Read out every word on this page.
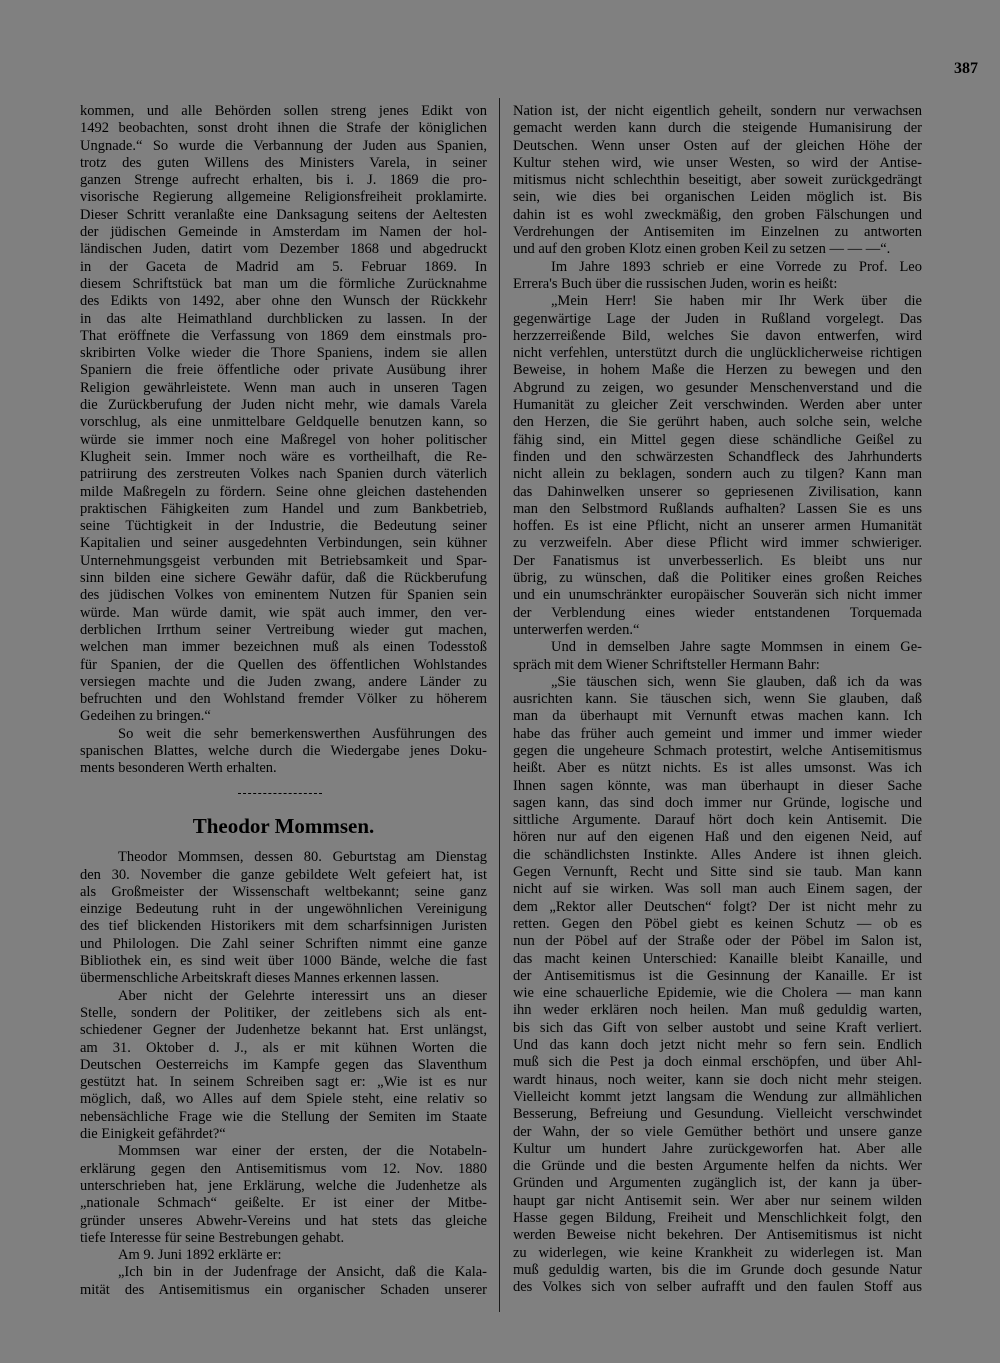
387
kommen, und alle Behörden sollen streng jenes Edikt von
1492 beobachten, sonst droht ihnen die Strafe der königlichen
Ungnade.“ So wurde die Verbannung der Juden aus Spanien,
trotz des guten Willens des Ministers Varela, in seiner
ganzen Strenge aufrecht erhalten, bis i. J. 1869 die pro-
visorische Regierung allgemeine Religionsfreiheit proklamirte.
Dieser Schritt veranlaßte eine Danksagung seitens der Aeltesten
der jüdischen Gemeinde in Amsterdam im Namen der hol-
ländischen Juden, datirt vom Dezember 1868 und abgedruckt
in der Gaceta de Madrid am 5. Februar 1869. In
diesem Schriftstück bat man um die förmliche Zurücknahme
des Edikts von 1492, aber ohne den Wunsch der Rückkehr
in das alte Heimathland durchblicken zu lassen. In der
That eröffnete die Verfassung von 1869 dem einstmals pro-
skribirten Volke wieder die Thore Spaniens, indem sie allen
Spaniern die freie öffentliche oder private Ausübung ihrer
Religion gewährleistete. Wenn man auch in unseren Tagen
die Zurückberufung der Juden nicht mehr, wie damals Varela
vorschlug, als eine unmittelbare Geldquelle benutzen kann, so
würde sie immer noch eine Maßregel von hoher politischer
Klugheit sein. Immer noch wäre es vortheilhaft, die Re-
patriirung des zerstreuten Volkes nach Spanien durch väterlich
milde Maßregeln zu fördern. Seine ohne gleichen dastehenden
praktischen Fähigkeiten zum Handel und zum Bankbetrieb,
seine Tüchtigkeit in der Industrie, die Bedeutung seiner
Kapitalien und seiner ausgedehnten Verbindungen, sein kühner
Unternehmungsgeist verbunden mit Betriebsamkeit und Spar-
sinn bilden eine sichere Gewähr dafür, daß die Rückberufung
des jüdischen Volkes von eminentem Nutzen für Spanien sein
würde. Man würde damit, wie spät auch immer, den ver-
derblichen Irrthum seiner Vertreibung wieder gut machen,
welchen man immer bezeichnen muß als einen Todesstoß
für Spanien, der die Quellen des öffentlichen Wohlstandes
versiegen machte und die Juden zwang, andere Länder zu
befruchten und den Wohlstand fremder Völker zu höherem
Gedeihen zu bringen.“
So weit die sehr bemerkenswerthen Ausführungen des
spanischen Blattes, welche durch die Wiedergabe jenes Doku-
ments besonderen Werth erhalten.
Theodor Mommsen.
Theodor Mommsen, dessen 80. Geburtstag am Dienstag
den 30. November die ganze gebildete Welt gefeiert hat, ist
als Großmeister der Wissenschaft weltbekannt; seine ganz
einzige Bedeutung ruht in der ungewöhnlichen Vereinigung
des tief blickenden Historikers mit dem scharfsinnigen Juristen
und Philologen. Die Zahl seiner Schriften nimmt eine ganze
Bibliothek ein, es sind weit über 1000 Bände, welche die fast
übermenschliche Arbeitskraft dieses Mannes erkennen lassen.
Aber nicht der Gelehrte interessirt uns an dieser
Stelle, sondern der Politiker, der zeitlebens sich als ent-
schiedener Gegner der Judenhetze bekannt hat. Erst unlängst,
am 31. Oktober d. J., als er mit kühnen Worten die
Deutschen Oesterreichs im Kampfe gegen das Slaventhum
gestützt hat. In seinem Schreiben sagt er: „Wie ist es nur
möglich, daß, wo Alles auf dem Spiele steht, eine relativ so
nebensächliche Frage wie die Stellung der Semiten im Staate
die Einigkeit gefährdet?“
Mommsen war einer der ersten, der die Notabeln-
erklärung gegen den Antisemitismus vom 12. Nov. 1880
unterschrieben hat, jene Erklärung, welche die Judenhetze als
„nationale Schmach“ geißelte. Er ist einer der Mitbe-
gründer unseres Abwehr-Vereins und hat stets das gleiche
tiefe Interesse für seine Bestrebungen gehabt.
Am 9. Juni 1892 erklärte er:
„Ich bin in der Judenfrage der Ansicht, daß die Kala-
mität des Antisemitismus ein organischer Schaden unserer
Nation ist, der nicht eigentlich geheilt, sondern nur verwachsen
gemacht werden kann durch die steigende Humanisirung der
Deutschen. Wenn unser Osten auf der gleichen Höhe der
Kultur stehen wird, wie unser Westen, so wird der Antise-
mitismus nicht schlechthin beseitigt, aber soweit zurückgedrängt
sein, wie dies bei organischen Leiden möglich ist. Bis
dahin ist es wohl zweckmäßig, den groben Fälschungen und
Verdrehungen der Antisemiten im Einzelnen zu antworten
und auf den groben Klotz einen groben Keil zu setzen — — —“.
Im Jahre 1893 schrieb er eine Vorrede zu Prof. Leo
Errera's Buch über die russischen Juden, worin es heißt:
„Mein Herr! Sie haben mir Ihr Werk über die
gegenwärtige Lage der Juden in Rußland vorgelegt. Das
herzzerreißende Bild, welches Sie davon entwerfen, wird
nicht verfehlen, unterstützt durch die unglücklicherweise richtigen
Beweise, in hohem Maße die Herzen zu bewegen und den
Abgrund zu zeigen, wo gesunder Menschenverstand und die
Humanität zu gleicher Zeit verschwinden. Werden aber unter
den Herzen, die Sie gerührt haben, auch solche sein, welche
fähig sind, ein Mittel gegen diese schändliche Geißel zu
finden und den schwärzesten Schandfleck des Jahrhunderts
nicht allein zu beklagen, sondern auch zu tilgen? Kann man
das Dahinwelken unserer so gepriesenen Zivilisation, kann
man den Selbstmord Rußlands aufhalten? Lassen Sie es uns
hoffen. Es ist eine Pflicht, nicht an unserer armen Humanität
zu verzweifeln. Aber diese Pflicht wird immer schwieriger.
Der Fanatismus ist unverbesserlich. Es bleibt uns nur
übrig, zu wünschen, daß die Politiker eines großen Reiches
und ein unumschränkter europäischer Souverän sich nicht immer
der Verblendung eines wieder entstandenen Torquemada
unterwerfen werden.“
Und in demselben Jahre sagte Mommsen in einem Ge-
spräch mit dem Wiener Schriftsteller Hermann Bahr:
„Sie täuschen sich, wenn Sie glauben, daß ich da was
ausrichten kann. Sie täuschen sich, wenn Sie glauben, daß
man da überhaupt mit Vernunft etwas machen kann. Ich
habe das früher auch gemeint und immer und immer wieder
gegen die ungeheure Schmach protestirt, welche Antisemitismus
heißt. Aber es nützt nichts. Es ist alles umsonst. Was ich
Ihnen sagen könnte, was man überhaupt in dieser Sache
sagen kann, das sind doch immer nur Gründe, logische und
sittliche Argumente. Darauf hört doch kein Antisemit. Die
hören nur auf den eigenen Haß und den eigenen Neid, auf
die schändlichsten Instinkte. Alles Andere ist ihnen gleich.
Gegen Vernunft, Recht und Sitte sind sie taub. Man kann
nicht auf sie wirken. Was soll man auch Einem sagen, der
dem „Rektor aller Deutschen“ folgt? Der ist nicht mehr zu
retten. Gegen den Pöbel giebt es keinen Schutz — ob es
nun der Pöbel auf der Straße oder der Pöbel im Salon ist,
das macht keinen Unterschied: Kanaille bleibt Kanaille, und
der Antisemitismus ist die Gesinnung der Kanaille. Er ist
wie eine schauerliche Epidemie, wie die Cholera — man kann
ihn weder erklären noch heilen. Man muß geduldig warten,
bis sich das Gift von selber austobt und seine Kraft verliert.
Und das kann doch jetzt nicht mehr so fern sein. Endlich
muß sich die Pest ja doch einmal erschöpfen, und über Ahl-
wardt hinaus, noch weiter, kann sie doch nicht mehr steigen.
Vielleicht kommt jetzt langsam die Wendung zur allmählichen
Besserung, Befreiung und Gesundung. Vielleicht verschwindet
der Wahn, der so viele Gemüther bethört und unsere ganze
Kultur um hundert Jahre zurückgeworfen hat. Aber alle
die Gründe und die besten Argumente helfen da nichts. Wer
Gründen und Argumenten zugänglich ist, der kann ja über-
haupt gar nicht Antisemit sein. Wer aber nur seinem wilden
Hasse gegen Bildung, Freiheit und Menschlichkeit folgt, den
werden Beweise nicht bekehren. Der Antisemitismus ist nicht
zu widerlegen, wie keine Krankheit zu widerlegen ist. Man
muß geduldig warten, bis die im Grunde doch gesunde Natur
des Volkes sich von selber aufrafft und den faulen Stoff aus
